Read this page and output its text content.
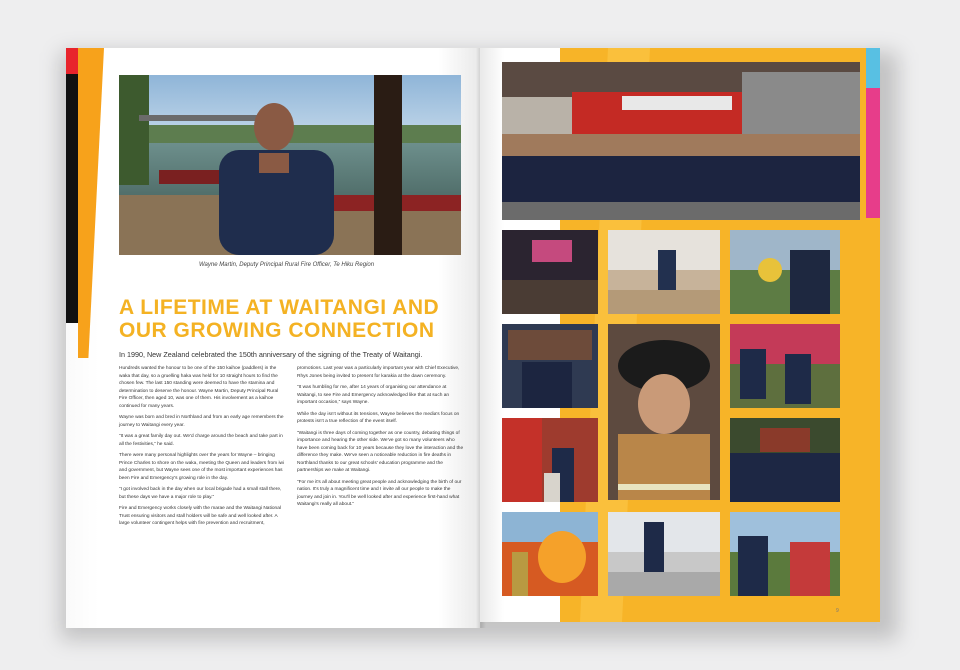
Wayne Martin, Deputy Principal Rural Fire Officer, Te Hiku Region
A LIFETIME AT WAITANGI AND
OUR GROWING CONNECTION
In 1990, New Zealand celebrated the 150th anniversary of the signing of the Treaty of Waitangi.

Hundreds wanted the honour to be one of the 150 kaihoe (paddlers) in the waka that day, so a gruelling haka was held for 10 straight hours to find the chosen few. The last 150 standing were deemed to have the stamina and determination to deserve the honour. Wayne Martin, Deputy Principal Rural Fire Officer, then aged 10, was one of them. His involvement as a kaihoe continued for many years.

Wayne was born and bred in Northland and from an early age remembers the journey to Waitangi every year.

“It was a great family day out. We'd charge around the beach and take part in all the festivities,” he said.

There were many personal highlights over the years for Wayne – bringing Prince Charles to shore on the waka, meeting the Queen and leaders from iwi and government, but Wayne sees one of the most important experiences has been Fire and Emergency's growing role in the day.

“I got involved back in the day when our local brigade had a small stall there, but these days we have a major role to play.”

Fire and Emergency works closely with the marae and the Waitangi National Trust ensuring visitors and stall holders will be safe and well looked after. A large volunteer contingent helps with fire prevention and recruitment,

promotions. Last year was a particularly important year with Chief Executive, Rhys Jones being invited to present for karakia at the dawn ceremony.

“It was humbling for me, after 14 years of organising our attendance at Waitangi, to see Fire and Emergency acknowledged like that at such an important occasion,” says Wayne.

While the day isn't without its tensions, Wayne believes the media's focus on protests isn't a true reflection of the event itself.

“Waitangi is three days of coming together as one country, debating things of importance and hearing the other side. We've got so many volunteers who have been coming back for 10 years because they love the interaction and the difference they make. We've seen a noticeable reduction in fire deaths in Northland thanks to our great schools' education programme and the partnerships we make at Waitangi.

“For me it's all about meeting great people and acknowledging the birth of our nation. It's truly a magnificent time and I invite all our people to make the journey and join in. You'll be well looked after and experience first-hand what Waitangi's really all about.”

9
